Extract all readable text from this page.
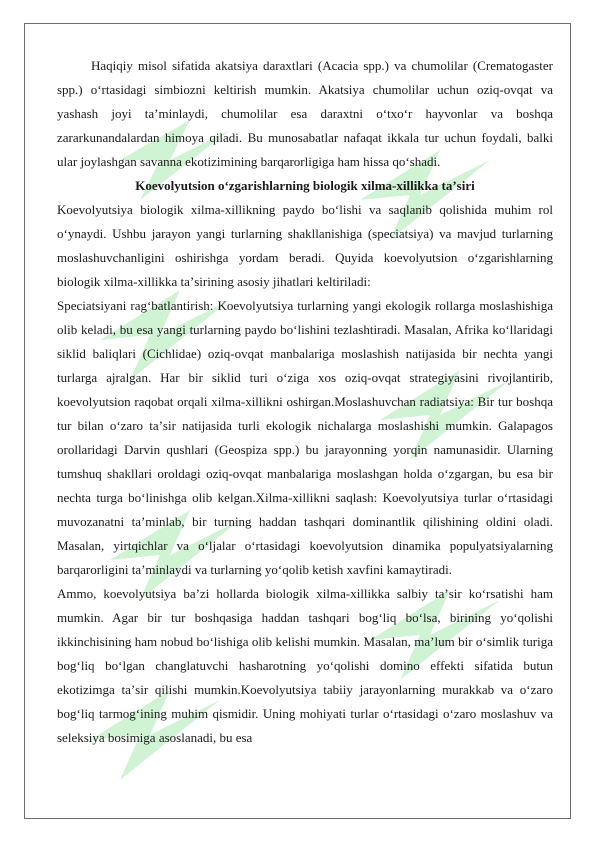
Haqiqiy misol sifatida akatsiya daraxtlari (Acacia spp.) va chumolilar (Crematogaster spp.) oʻrtasidagi simbiozni keltirish mumkin. Akatsiya chumolilar uchun oziq-ovqat va yashash joyi taʼminlaydi, chumolilar esa daraxtni oʻtxoʻr hayvonlar va boshqa zararkunandalardan himoya qiladi. Bu munosabatlar nafaqat ikkala tur uchun foydali, balki ular joylashgan savanna ekotizimining barqarorligiga ham hissa qoʻshadi.

Koevolyutsion oʻzgarishlarning biologik xilma-xillikka taʼsiri

Koevolyutsiya biologik xilma-xillikning paydo boʻlishi va saqlanib qolishida muhim rol oʻynaydi. Ushbu jarayon yangi turlarning shakllanishiga (speciatsiya) va mavjud turlarning moslashuvchanligini oshirishga yordam beradi. Quyida koevolyutsion oʻzgarishlarning biologik xilma-xillikka taʼsirining asosiy jihatlari keltiriladi:

Speciatsiyani ragʻbatlantirish: Koevolyutsiya turlarning yangi ekologik rollarga moslashishiga olib keladi, bu esa yangi turlarning paydo boʻlishini tezlashtiradi. Masalan, Afrika koʻllaridagi siklid baliqlari (Cichlidae) oziq-ovqat manbalariga moslashish natijasida bir nechta yangi turlarga ajralgan. Har bir siklid turi oʻziga xos oziq-ovqat strategiyasini rivojlantirib, koevolyutsion raqobat orqali xilma-xillikni oshirgan.Moslashuvchan radiatsiya: Bir tur boshqa tur bilan oʻzaro taʼsir natijasida turli ekologik nichalarga moslashishi mumkin. Galapagos orollaridagi Darvin qushlari (Geospiza spp.) bu jarayonning yorqin namunasidir. Ularning tumshuq shakllari oroldagi oziq-ovqat manbalariga moslashgan holda oʻzgargan, bu esa bir nechta turga boʻlinishga olib kelgan.Xilma-xillikni saqlash: Koevolyutsiya turlar oʻrtasidagi muvozanatni taʼminlab, bir turning haddan tashqari dominantlik qilishining oldini oladi. Masalan, yirtqichlar va oʻljalar oʻrtasidagi koevolyutsion dinamika populyatsiyalarning barqarorligini taʼminlaydi va turlarning yoʻqolib ketish xavfini kamaytiradi.

Ammo, koevolyutsiya baʼzi hollarda biologik xilma-xillikka salbiy taʼsir koʻrsatishi ham mumkin. Agar bir tur boshqasiga haddan tashqari bogʻliq boʻlsa, birining yoʻqolishi ikkinchisining ham nobud boʻlishiga olib kelishi mumkin. Masalan, maʼlum bir oʻsimlik turiga bogʻliq boʻlgan changlatuvchi hasharotning yoʻqolishi domino effekti sifatida butun ekotizimga taʼsir qilishi mumkin.Koevolyutsiya tabiiy jarayonlarning murakkab va oʻzaro bogʻliq tarmogʻining muhim qismidir. Uning mohiyati turlar oʻrtasidagi oʻzaro moslashuv va seleksiya bosimiga asoslanadi, bu esa
